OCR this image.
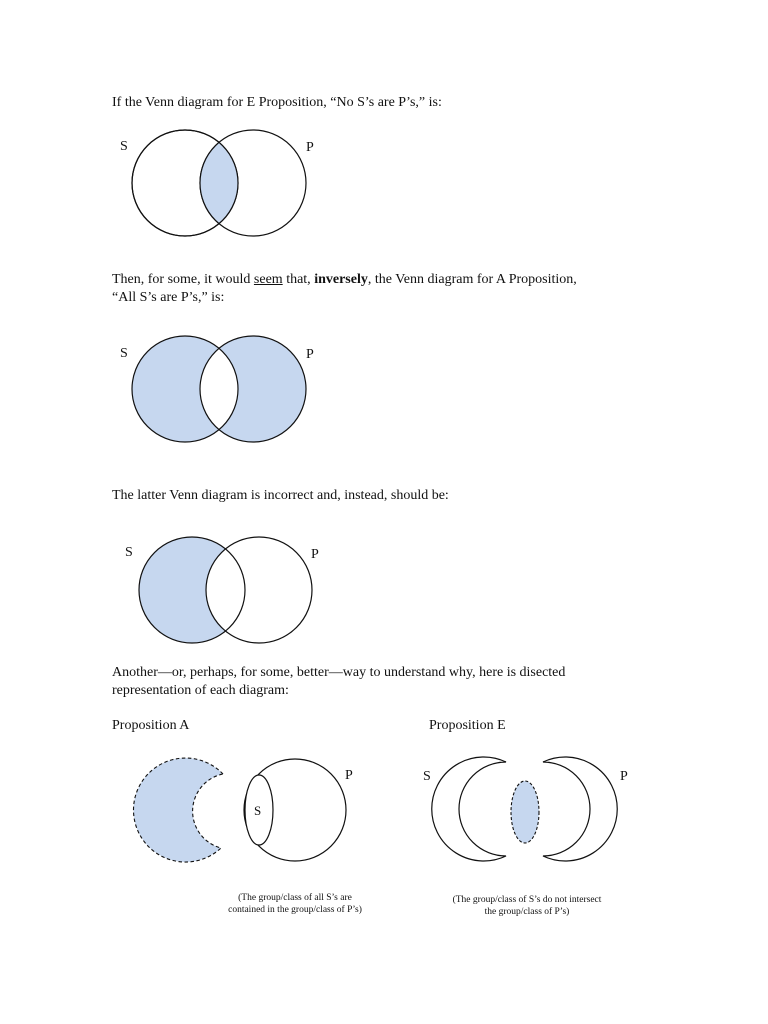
If the Venn diagram for E Proposition, “No S’s are P’s,” is:

S	P

Then, for some, it would seem that, inversely, the Venn diagram for A Proposition,
“All S’s are P’s,” is:

S	P

The latter Venn diagram is incorrect and, instead, should be:

S	P

Another—or, perhaps, for some, better—way to understand why, here is disected
representation of each diagram:

Proposition A	Proposition E

S
P	S	P

(The group/class of all S’s are
contained in the group/class of P’s)

(The group/class of S’s do not intersect
the group/class of P’s)
